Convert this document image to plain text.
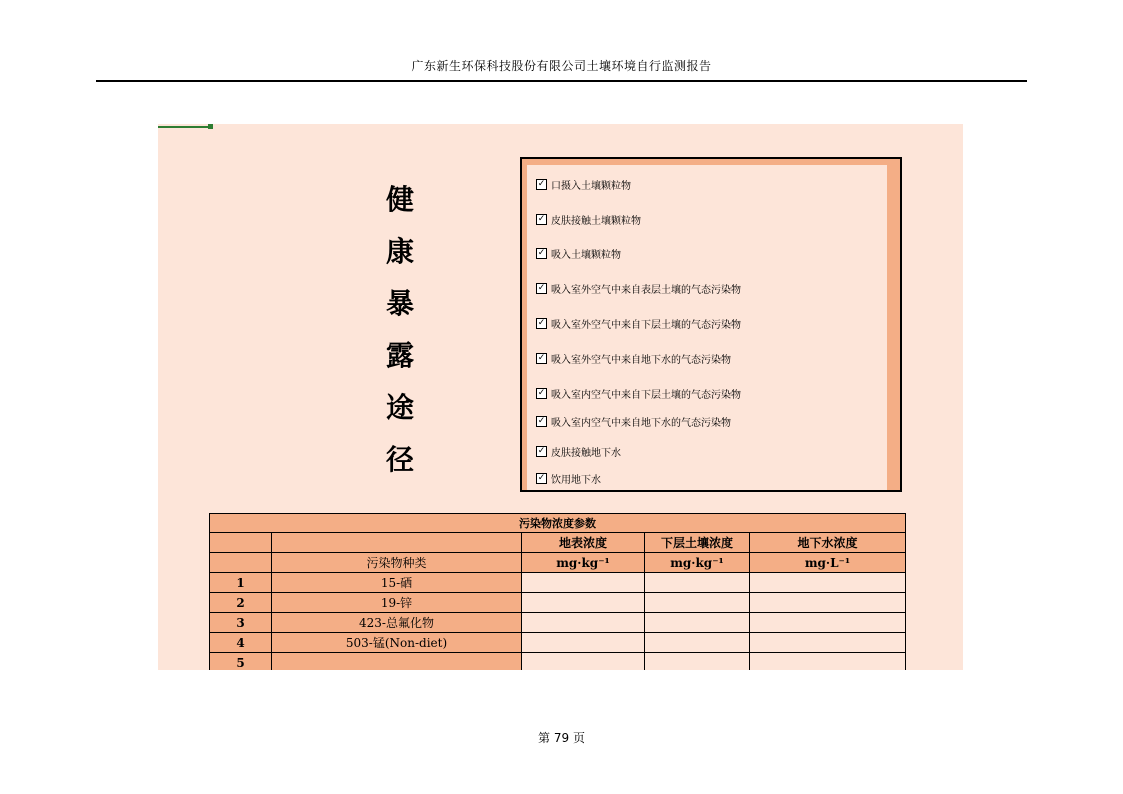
广东新生环保科技股份有限公司土壤环境自行监测报告
健
康
暴
露
途
径
✓ 口摄入土壤颗粒物
✓ 皮肤接触土壤颗粒物
✓ 吸入土壤颗粒物
✓ 吸入室外空气中来自表层土壤的气态污染物
✓ 吸入室外空气中来自下层土壤的气态污染物
✓ 吸入室外空气中来自地下水的气态污染物
✓ 吸入室内空气中来自下层土壤的气态污染物
✓ 吸入室内空气中来自地下水的气态污染物
✓ 皮肤接触地下水
✓ 饮用地下水
污染物浓度参数				
		地表浓度	下层土壤浓度	地下水浓度
	污染物种类	mg·kg⁻¹	mg·kg⁻¹	mg·L⁻¹
1	15-硒			
2	19-锌			
3	423-总氟化物			
4	503-锰(Non-diet)			
5				
第 79 页
